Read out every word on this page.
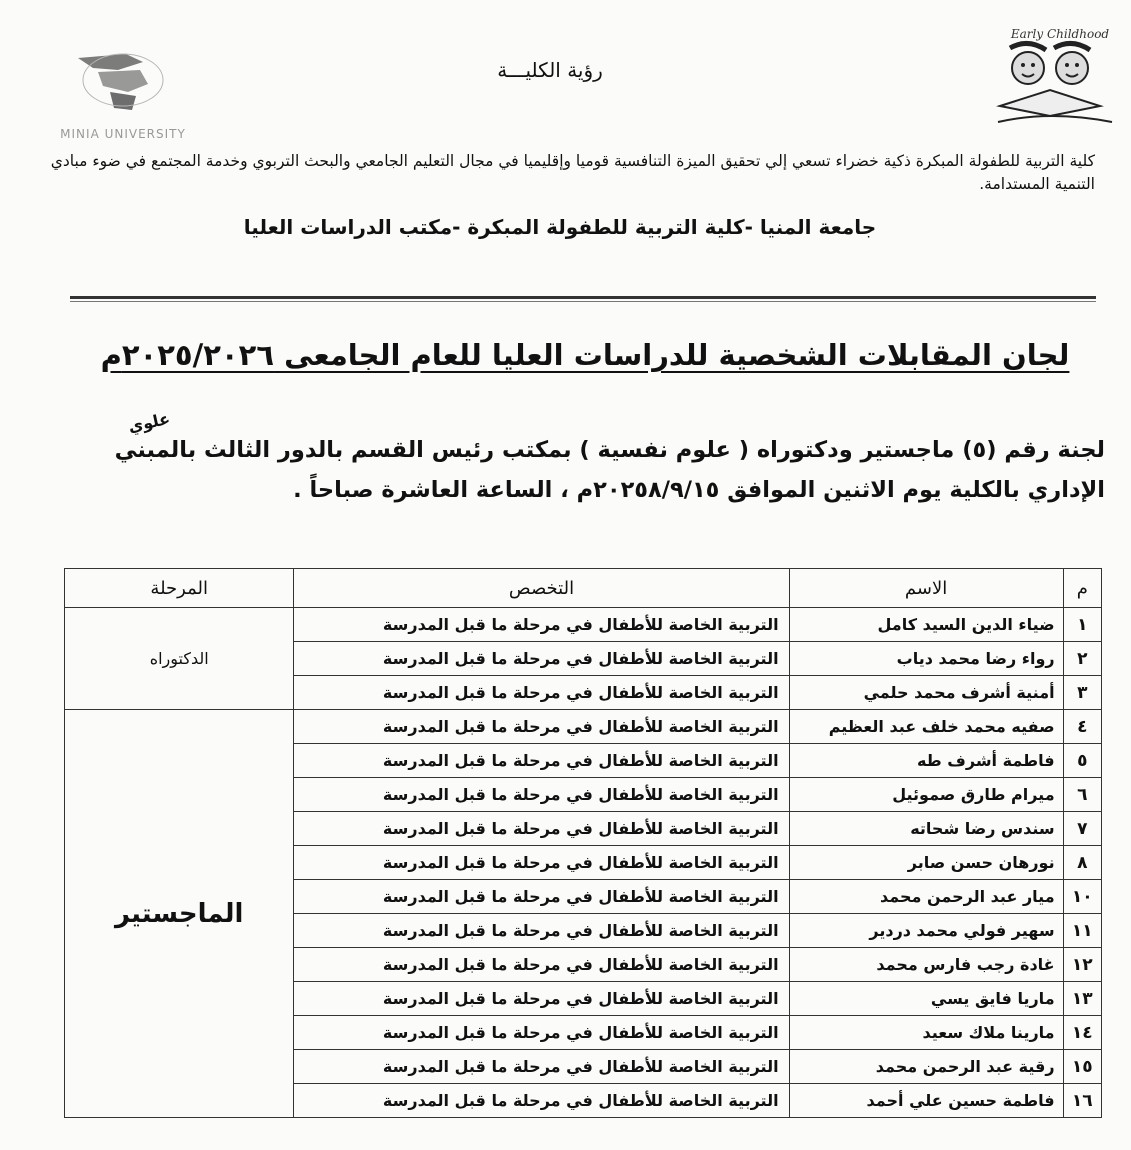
MINIA UNIVERSITY
Early Childhood
رؤية الكليـــة
كلية التربية للطفولة المبكرة ذكية خضراء تسعي إلي تحقيق الميزة التنافسية قوميا وإقليميا في مجال التعليم الجامعي والبحث التربوي وخدمة المجتمع في ضوء مبادي التنمية المستدامة.
جامعة المنيا -كلية التربية للطفولة المبكرة -مكتب الدراسات العليا
لجان المقابلات الشخصية للدراسات العليا للعام الجامعى ٢٠٢٥/٢٠٢٦م
علوي
لجنة رقم (٥) ماجستير ودكتوراه ( علوم نفسية ) بمكتب رئيس القسم بالدور الثالث بالمبني الإداري بالكلية يوم الاثنين الموافق ٢٠٢٥٨/٩/١٥م ، الساعة العاشرة صباحاً .
م	الاسم	التخصص	المرحلة
١	ضياء الدين السيد كامل	التربية الخاصة للأطفال في مرحلة ما قبل المدرسة	الدكتوراه
٢	رواء رضا محمد دياب	التربية الخاصة للأطفال في مرحلة ما قبل المدرسة	
٣	أمنية أشرف محمد حلمي	التربية الخاصة للأطفال في مرحلة ما قبل المدرسة	
٤	صفيه محمد خلف عبد العظيم	التربية الخاصة للأطفال في مرحلة ما قبل المدرسة	الماجستير
٥	فاطمة أشرف طه	التربية الخاصة للأطفال في مرحلة ما قبل المدرسة	
٦	ميرام طارق صموئيل	التربية الخاصة للأطفال في مرحلة ما قبل المدرسة	
٧	سندس رضا شحاته	التربية الخاصة للأطفال في مرحلة ما قبل المدرسة	
٨	نورهان حسن صابر	التربية الخاصة للأطفال في مرحلة ما قبل المدرسة	
١٠	ميار عبد الرحمن محمد	التربية الخاصة للأطفال في مرحلة ما قبل المدرسة	
١١	سهير فولي محمد دردير	التربية الخاصة للأطفال في مرحلة ما قبل المدرسة	
١٢	غادة رجب فارس محمد	التربية الخاصة للأطفال في مرحلة ما قبل المدرسة	
١٣	ماريا فايق يسي	التربية الخاصة للأطفال في مرحلة ما قبل المدرسة	
١٤	مارينا ملاك سعيد	التربية الخاصة للأطفال في مرحلة ما قبل المدرسة	
١٥	رقية عبد الرحمن محمد	التربية الخاصة للأطفال في مرحلة ما قبل المدرسة	
١٦	فاطمة حسين علي أحمد	التربية الخاصة للأطفال في مرحلة ما قبل المدرسة	
